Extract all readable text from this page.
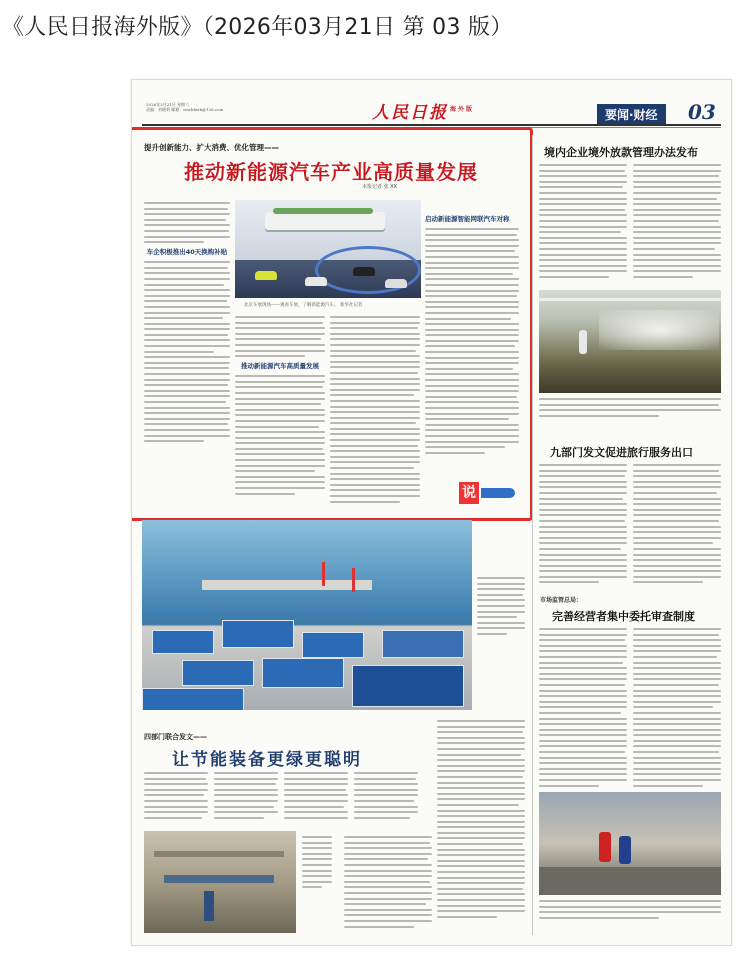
《人民日报海外版》（2026年03月21日 第 03 版）
2026年3月21日 星期六
责编：刘晓莉 邮箱：rmrbhwb@126.com	人民日报 $^{海外版}$	要闻·财经	03
提升创新能力、扩大消费、优化管理——
推动新能源汽车产业高质量发展
本报记者 张 XX
车企积极推出40天换购补贴
北京车展现场——观看车展，了解新能源汽车。 新华社记者
推动新能源汽车高质量发展
启动新能源智能网联汽车对称
说
境内企业境外放款管理办法发布
九部门发文促进旅行服务出口
市场监管总局：
完善经营者集中委托审查制度
四部门联合发文——
让节能装备更绿更聪明
